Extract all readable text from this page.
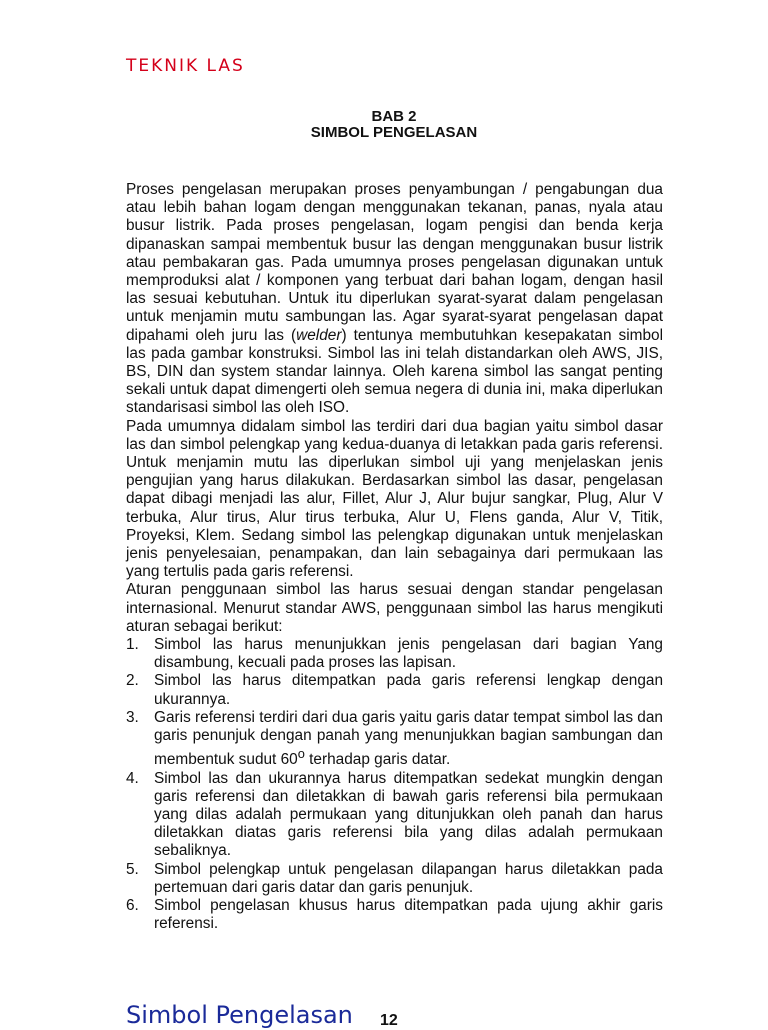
TEKNIK LAS
BAB 2
SIMBOL PENGELASAN

Proses pengelasan merupakan proses penyambungan / pengabungan dua atau lebih bahan logam dengan menggunakan tekanan, panas, nyala atau busur listrik. Pada proses pengelasan, logam pengisi dan benda kerja dipanaskan sampai membentuk busur las dengan menggunakan busur listrik atau pembakaran gas. Pada umumnya proses pengelasan digunakan untuk memproduksi alat / komponen yang terbuat dari bahan logam, dengan hasil las sesuai kebutuhan. Untuk itu diperlukan syarat-syarat dalam pengelasan untuk menjamin mutu sambungan las. Agar syarat-syarat pengelasan dapat dipahami oleh juru las (welder) tentunya membutuhkan kesepakatan simbol las pada gambar konstruksi. Simbol las ini telah distandarkan oleh AWS, JIS, BS, DIN dan system standar lainnya. Oleh karena simbol las sangat penting sekali untuk dapat dimengerti oleh semua negera di dunia ini, maka diperlukan standarisasi simbol las oleh ISO.

Pada umumnya didalam simbol las terdiri dari dua bagian yaitu simbol dasar las dan simbol pelengkap yang kedua-duanya di letakkan pada garis referensi. Untuk menjamin mutu las diperlukan simbol uji yang menjelaskan jenis pengujian yang harus dilakukan. Berdasarkan simbol las dasar, pengelasan dapat dibagi menjadi las alur, Fillet, Alur J, Alur bujur sangkar, Plug, Alur V terbuka, Alur tirus, Alur tirus terbuka, Alur U, Flens ganda, Alur V, Titik, Proyeksi, Klem. Sedang simbol las pelengkap digunakan untuk menjelaskan jenis penyelesaian, penampakan, dan lain sebagainya dari permukaan las yang tertulis pada garis referensi.

Aturan penggunaan simbol las harus sesuai dengan standar pengelasan internasional. Menurut standar AWS, penggunaan simbol las harus mengikuti aturan sebagai berikut:

1. Simbol las harus menunjukkan jenis pengelasan dari bagian Yang disambung, kecuali pada proses las lapisan.
2. Simbol las harus ditempatkan pada garis referensi lengkap dengan ukurannya.
3. Garis referensi terdiri dari dua garis yaitu garis datar tempat simbol las dan garis penunjuk dengan panah yang menunjukkan bagian sambungan dan membentuk sudut 60$^o$ terhadap garis datar.
4. Simbol las dan ukurannya harus ditempatkan sedekat mungkin dengan garis referensi dan diletakkan di bawah garis referensi bila permukaan yang dilas adalah permukaan yang ditunjukkan oleh panah dan harus diletakkan diatas garis referensi bila yang dilas adalah permukaan sebaliknya.
5. Simbol pelengkap untuk pengelasan dilapangan harus diletakkan pada pertemuan dari garis datar dan garis penunjuk.
6. Simbol pengelasan khusus harus ditempatkan pada ujung akhir garis referensi.
Simbol Pengelasan 12
